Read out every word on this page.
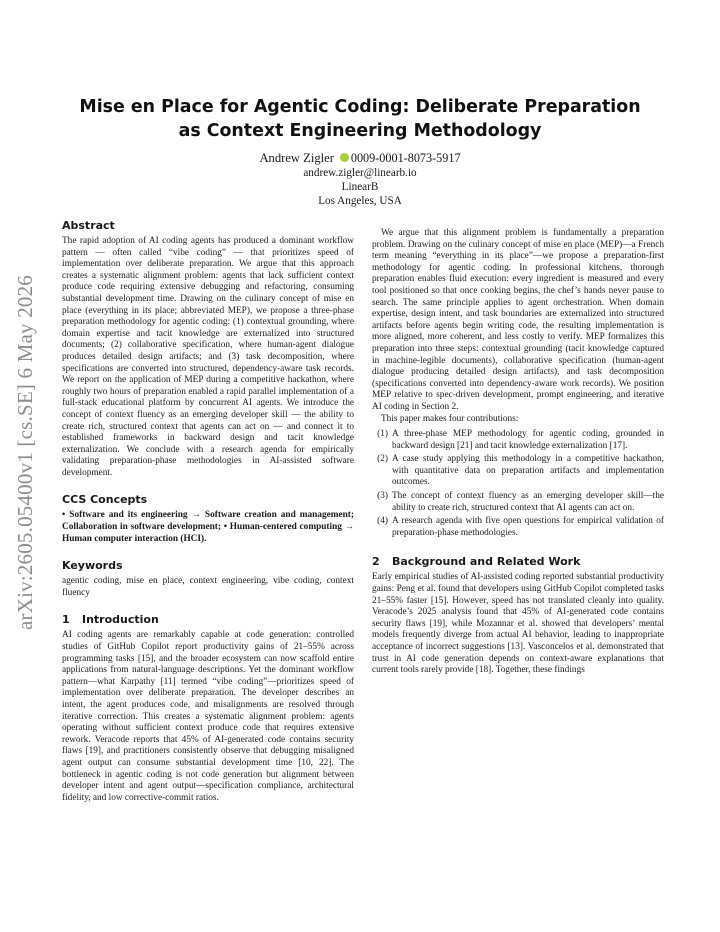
arXiv:2605.05400v1 [cs.SE] 6 May 2026
Mise en Place for Agentic Coding: Deliberate Preparation as Context Engineering Methodology
Andrew Zigler 0009-0001-8073-5917
andrew.zigler@linearb.io
LinearB
Los Angeles, USA
Abstract

The rapid adoption of AI coding agents has produced a dominant workflow pattern — often called “vibe coding” — that prioritizes speed of implementation over deliberate preparation. We argue that this approach creates a systematic alignment problem: agents that lack sufficient context produce code requiring extensive debugging and refactoring, consuming substantial development time. Drawing on the culinary concept of mise en place (everything in its place; abbreviated MEP), we propose a three-phase preparation methodology for agentic coding: (1) contextual grounding, where domain expertise and tacit knowledge are externalized into structured documents; (2) collaborative specification, where human-agent dialogue produces detailed design artifacts; and (3) task decomposition, where specifications are converted into structured, dependency-aware task records. We report on the application of MEP during a competitive hackathon, where roughly two hours of preparation enabled a rapid parallel implementation of a full-stack educational platform by concurrent AI agents. We introduce the concept of context fluency as an emerging developer skill — the ability to create rich, structured context that agents can act on — and connect it to established frameworks in backward design and tacit knowledge externalization. We conclude with a research agenda for empirically validating preparation-phase methodologies in AI-assisted software development.

CCS Concepts

• Software and its engineering → Software creation and management; Collaboration in software development; • Human-centered computing → Human computer interaction (HCI).

Keywords

agentic coding, mise en place, context engineering, vibe coding, context fluency

1 Introduction

AI coding agents are remarkably capable at code generation: controlled studies of GitHub Copilot report productivity gains of 21–55% across programming tasks [15], and the broader ecosystem can now scaffold entire applications from natural-language descriptions. Yet the dominant workflow pattern—what Karpathy [11] termed “vibe coding”—prioritizes speed of implementation over deliberate preparation. The developer describes an intent, the agent produces code, and misalignments are resolved through iterative correction. This creates a systematic alignment problem: agents operating without sufficient context produce code that requires extensive rework. Veracode reports that 45% of AI-generated code contains security flaws [19], and practitioners consistently observe that debugging misaligned agent output can consume substantial development time [10, 22]. The bottleneck in agentic coding is not code generation but alignment between developer intent and agent output—specification compliance, architectural fidelity, and low corrective-commit ratios.

We argue that this alignment problem is fundamentally a preparation problem. Drawing on the culinary concept of mise en place (MEP)—a French term meaning “everything in its place”—we propose a preparation-first methodology for agentic coding. In professional kitchens, thorough preparation enables fluid execution: every ingredient is measured and every tool positioned so that once cooking begins, the chef’s hands never pause to search. The same principle applies to agent orchestration. When domain expertise, design intent, and task boundaries are externalized into structured artifacts before agents begin writing code, the resulting implementation is more aligned, more coherent, and less costly to verify. MEP formalizes this preparation into three steps: contextual grounding (tacit knowledge captured in machine-legible documents), collaborative specification (human-agent dialogue producing detailed design artifacts), and task decomposition (specifications converted into dependency-aware work records). We position MEP relative to spec-driven development, prompt engineering, and iterative AI coding in Section 2.

This paper makes four contributions:

(1) A three-phase MEP methodology for agentic coding, grounded in backward design [21] and tacit knowledge externalization [17].
(2) A case study applying this methodology in a competitive hackathon, with quantitative data on preparation artifacts and implementation outcomes.
(3) The concept of context fluency as an emerging developer skill—the ability to create rich, structured context that AI agents can act on.
(4) A research agenda with five open questions for empirical validation of preparation-phase methodologies.
2 Background and Related Work

Early empirical studies of AI-assisted coding reported substantial productivity gains: Peng et al. found that developers using GitHub Copilot completed tasks 21–55% faster [15]. However, speed has not translated cleanly into quality. Veracode’s 2025 analysis found that 45% of AI-generated code contains security flaws [19], while Mozannar et al. showed that developers’ mental models frequently diverge from actual AI behavior, leading to inappropriate acceptance of incorrect suggestions [13]. Vasconcelos et al. demonstrated that trust in AI code generation depends on context-aware explanations that current tools rarely provide [18]. Together, these findings
